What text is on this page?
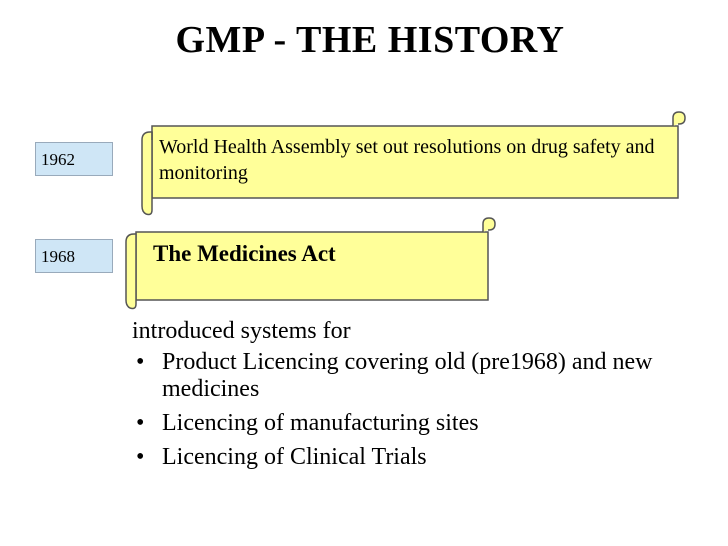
GMP - THE HISTORY
1962
World Health Assembly set out resolutions on drug safety and monitoring
1968	The Medicines Act
introduced systems for
• Product Licencing covering old (pre1968) and new medicines
• Licencing of manufacturing sites
• Licencing of Clinical Trials
